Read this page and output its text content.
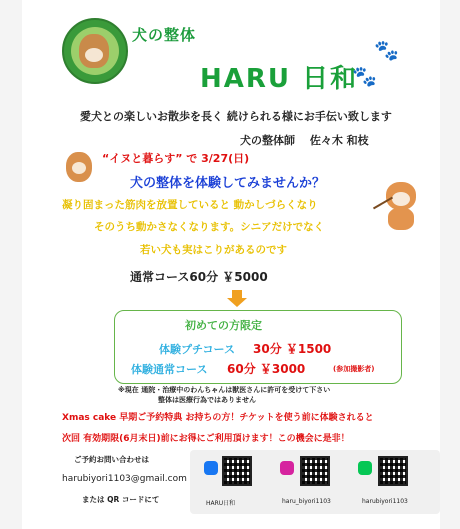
犬の整体
HARU 日和
🐾
🐾
愛犬との楽しいお散歩を長く 続けられる様にお手伝い致します
犬の整体師　 佐々木 和枝
“イヌと暮らす” で 3/27(日)
犬の整体を体験してみませんか？
凝り固まった筋肉を放置していると 動かしづらくなり
そのうち動かさなくなります。シニアだけでなく
若い犬も実はこりがあるのです
通常コース60分 ￥5000
初めての方限定
体験プチコース 30分 ￥1500
体験通常コース 60分 ￥3000	(参加撮影者)
※現在 通院・治療中のわんちゃんは獣医さんに許可を受けて下さい
整体は医療行為ではありません
Xmas cake 早期ご予約特典 お持ちの方！チケットを使う前に体験されると
次回 有効期限(6月末日)前にお得にご利用頂けます！この機会に是非！
ご予約お問い合わせは
harubiyori1103@gmail.com
または QR コードにて	HARU日和	haru_biyori1103	harubiyori1103
